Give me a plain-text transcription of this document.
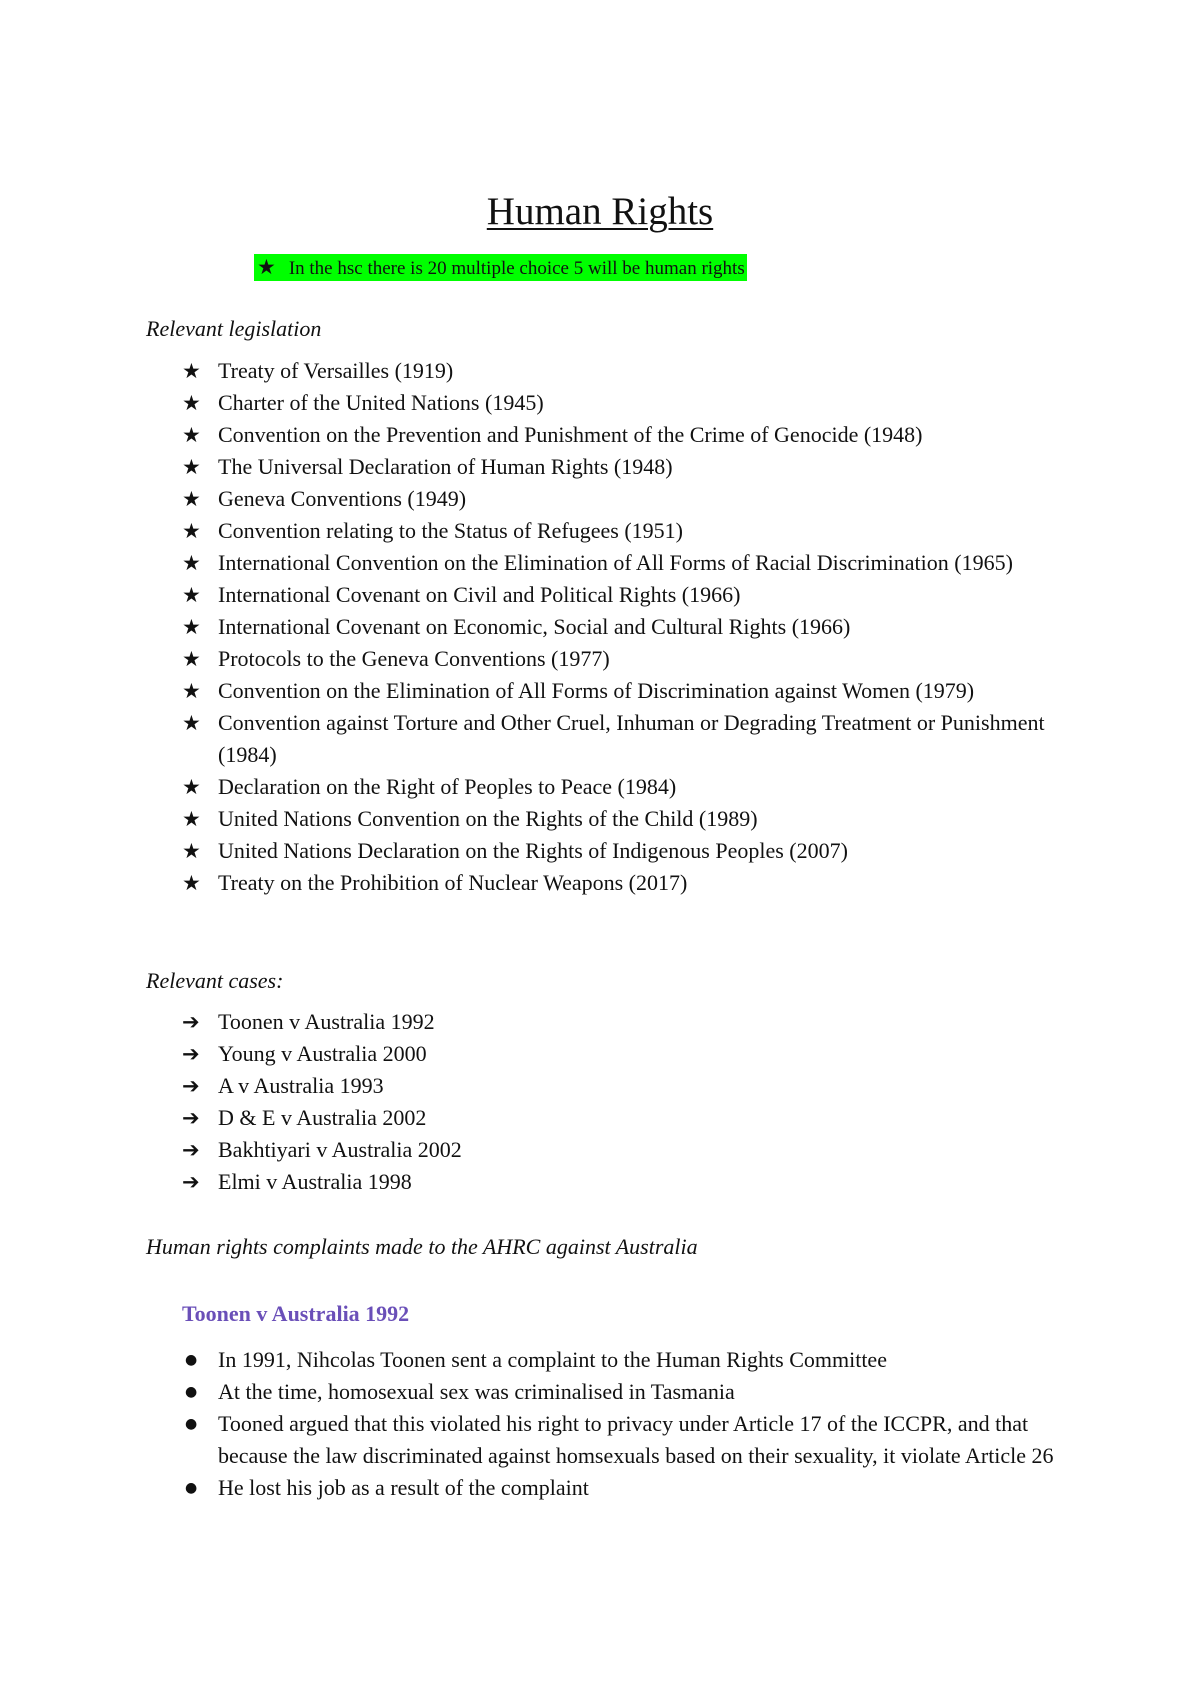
Human Rights
★ In the hsc there is 20 multiple choice 5 will be human rights

Relevant legislation

★ Treaty of Versailles (1919)
★ Charter of the United Nations (1945)
★ Convention on the Prevention and Punishment of the Crime of Genocide (1948)
★ The Universal Declaration of Human Rights (1948)
★ Geneva Conventions (1949)
★ Convention relating to the Status of Refugees (1951)
★ International Convention on the Elimination of All Forms of Racial Discrimination (1965)
★ International Covenant on Civil and Political Rights (1966)
★ International Covenant on Economic, Social and Cultural Rights (1966)
★ Protocols to the Geneva Conventions (1977)
★ Convention on the Elimination of All Forms of Discrimination against Women (1979)
★ Convention against Torture and Other Cruel, Inhuman or Degrading Treatment or Punishment (1984)
★ Declaration on the Right of Peoples to Peace (1984)
★ United Nations Convention on the Rights of the Child (1989)
★ United Nations Declaration on the Rights of Indigenous Peoples (2007)
★ Treaty on the Prohibition of Nuclear Weapons (2017)

Relevant cases:

➔ Toonen v Australia 1992
➔ Young v Australia 2000
➔ A v Australia 1993
➔ D & E v Australia 2002
➔ Bakhtiyari v Australia 2002
➔ Elmi v Australia 1998

Human rights complaints made to the AHRC against Australia

Toonen v Australia 1992

● In 1991, Nihcolas Toonen sent a complaint to the Human Rights Committee
● At the time, homosexual sex was criminalised in Tasmania
● Tooned argued that this violated his right to privacy under Article 17 of the ICCPR, and that because the law discriminated against homsexuals based on their sexuality, it violate Article 26
● He lost his job as a result of the complaint
